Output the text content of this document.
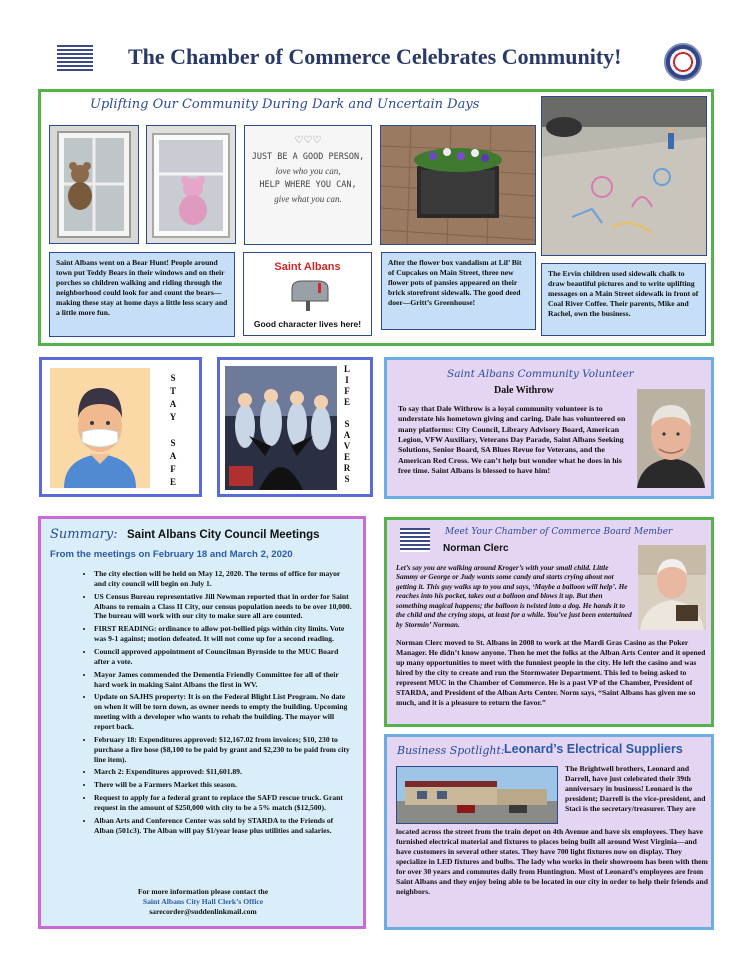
The Chamber of Commerce Celebrates Community!
Uplifting Our Community During Dark and Uncertain Days
♡♡♡
JUST BE A GOOD PERSON,
love who you can,
HELP WHERE YOU CAN,
give what you can.
Saint Albans went on a Bear Hunt! People around town put Teddy Bears in their windows and on their porches so children walking and riding through the neighborhood could look for and count the bears—making these stay at home days a little less scary and a little more fun.
Saint Albans
Good character lives here!
After the flower box vandalism at Lil’ Bit of Cupcakes on Main Street, three new flower pots of pansies appeared on their brick storefront sidewalk. The good deed doer—Gritt’s Greenhouse!
The Ervin children used sidewalk chalk to draw beautiful pictures and to write uplifting messages on a Main Street sidewalk in front of Coal River Coffee. Their parents, Mike and Rachel, own the business.
S
T
A
Y
S
A
F
E
L
I
F
E
S
A
V
E
R
S
Saint Albans Community Volunteer
Dale Withrow
To say that Dale Withrow is a loyal community volunteer is to understate his hometown giving and caring. Dale has volunteered on many platforms: City Council, Library Advisory Board, American Legion, VFW Auxiliary, Veterans Day Parade, Saint Albans Seeking Solutions, Senior Board, SA Blues Revue for Veterans, and the American Red Cross. We can’t help but wonder what he does in his free time. Saint Albans is blessed to have him!
Summary: Saint Albans City Council Meetings
From the meetings on February 18 and March 2, 2020
• The city election will be held on May 12, 2020. The terms of office for mayor and city council will begin on July 1.
• US Census Bureau representative Jill Newman reported that in order for Saint Albans to remain a Class II City, our census population needs to be over 10,000. The bureau will work with our city to make sure all are counted.
• FIRST READING: ordinance to allow pot-bellied pigs within city limits. Vote was 9-1 against; motion defeated. It will not come up for a second reading.
• Council approved appointment of Councilman Byrnside to the MUC Board after a vote.
• Mayor James commended the Dementia Friendly Committee for all of their hard work in making Saint Albans the first in WV.
• Update on SAJHS property: It is on the Federal Blight List Program. No date on when it will be torn down, as owner needs to empty the building. Upcoming meeting with a developer who wants to rehab the building. The mayor will report back.
• February 18: Expenditures approved: $12,167.02 from invoices; $10, 230 to purchase a fire hose ($8,100 to be paid by grant and $2,230 to be paid from city line item).
• March 2: Expenditures approved: $11,601.89.
• There will be a Farmers Market this season.
• Request to apply for a federal grant to replace the SAFD rescue truck. Grant request in the amount of $250,000 with city to be a 5% match ($12,500).
• Alban Arts and Conference Center was sold by STARDA to the Friends of Alban (501c3). The Alban will pay $1/year lease plus utilities and salaries.
For more information please contact the
Saint Albans City Hall Clerk’s Office
sarecorder@suddenlinkmail.com
Meet Your Chamber of Commerce Board Member
Norman Clerc
Let’s say you are walking around Kroger’s with your small child. Little Sammy or George or Judy wants some candy and starts crying about not getting it. This guy walks up to you and says, ‘Maybe a balloon will help’. He reaches into his pocket, takes out a balloon and blows it up. But then something magical happens; the balloon is twisted into a dog. He hands it to the child and the crying stops, at least for a while. You’ve just been entertained by Stormin’ Norman.
Norman Clerc moved to St. Albans in 2008 to work at the Mardi Gras Casino as the Poker Manager. He didn’t know anyone. Then he met the folks at the Alban Arts Center and it opened up many opportunities to meet with the funniest people in the city. He left the casino and was hired by the city to create and run the Stormwater Department. This led to being asked to represent MUC in the Chamber of Commerce. He is a past VP of the Chamber, President of STARDA, and President of the Alban Arts Center. Norm says, “Saint Albans has given me so much, and it is a pleasure to return the favor.”
Business Spotlight: Leonard’s Electrical Suppliers
The Brightwell brothers, Leonard and Darrell, have just celebrated their 39th anniversary in business! Leonard is the president; Darrell is the vice-president, and Staci is the secretary/treasurer. They are
located across the street from the train depot on 4th Avenue and have six employees. They have furnished electrical material and fixtures to places being built all around West Virginia—and have customers in several other states. They have 700 light fixtures now on display. They specialize in LED fixtures and bulbs. The lady who works in their showroom has been with them for over 30 years and commutes daily from Huntington. Most of Leonard’s employees are from Saint Albans and they enjoy being able to be located in our city in order to help their friends and neighbors.
